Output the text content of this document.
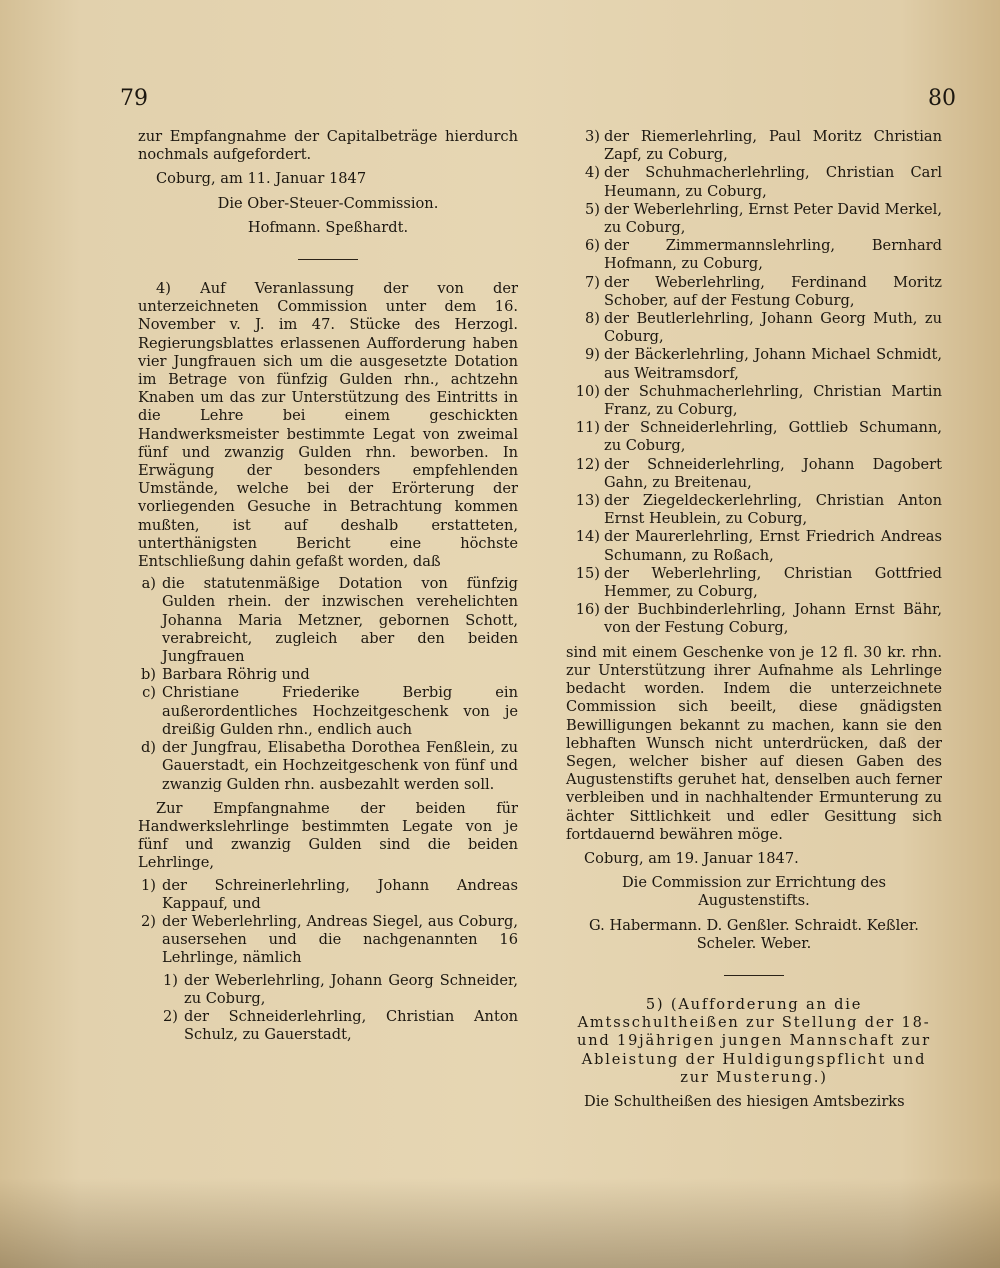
79	80

zur Empfangnahme der Capitalbeträge hierdurch nochmals aufgefordert.

Coburg, am 11. Januar 1847

Die Ober-Steuer-Commission.

Hofmann. Speßhardt.

4) Auf Veranlassung der von der unterzeichneten Commission unter dem 16. November v. J. im 47. Stücke des Herzogl. Regierungsblattes erlassenen Aufforderung haben vier Jungfrauen sich um die ausgesetzte Dotation im Betrage von fünfzig Gulden rhn., achtzehn Knaben um das zur Unterstützung des Eintritts in die Lehre bei einem geschickten Handwerksmeister bestimmte Legat von zweimal fünf und zwanzig Gulden rhn. beworben. In Erwägung der besonders empfehlenden Umstände, welche bei der Erörterung der vorliegenden Gesuche in Betrachtung kommen mußten, ist auf deshalb erstatteten, unterthänigsten Bericht eine höchste Entschließung dahin gefaßt worden, daß

a) die statutenmäßige Dotation von fünfzig Gulden rhein. der inzwischen verehelichten Johanna Maria Metzner, gebornen Schott, verabreicht, zugleich aber den beiden Jungfrauen
b) Barbara Röhrig und
c) Christiane Friederike Berbig ein außerordentliches Hochzeitgeschenk von je dreißig Gulden rhn., endlich auch
d) der Jungfrau, Elisabetha Dorothea Fenßlein, zu Gauerstadt, ein Hochzeitgeschenk von fünf und zwanzig Gulden rhn. ausbezahlt werden soll.

Zur Empfangnahme der beiden für Handwerkslehrlinge bestimmten Legate von je fünf und zwanzig Gulden sind die beiden Lehrlinge,

1) der Schreinerlehrling, Johann Andreas Kappauf, und
2) der Weberlehrling, Andreas Siegel, aus Coburg, ausersehen und die nachgenannten 16 Lehrlinge, nämlich
1) der Weberlehrling, Johann Georg Schneider, zu Coburg,
2) der Schneiderlehrling, Christian Anton Schulz, zu Gauerstadt,
3) der Riemerlehrling, Paul Moritz Christian Zapf, zu Coburg,
4) der Schuhmacherlehrling, Christian Carl Heumann, zu Coburg,
5) der Weberlehrling, Ernst Peter David Merkel, zu Coburg,
6) der Zimmermannslehrling, Bernhard Hofmann, zu Coburg,
7) der Weberlehrling, Ferdinand Moritz Schober, auf der Festung Coburg,
8) der Beutlerlehrling, Johann Georg Muth, zu Coburg,
9) der Bäckerlehrling, Johann Michael Schmidt, aus Weitramsdorf,
10) der Schuhmacherlehrling, Christian Martin Franz, zu Coburg,
11) der Schneiderlehrling, Gottlieb Schumann, zu Coburg,
12) der Schneiderlehrling, Johann Dagobert Gahn, zu Breitenau,
13) der Ziegeldeckerlehrling, Christian Anton Ernst Heublein, zu Coburg,
14) der Maurerlehrling, Ernst Friedrich Andreas Schumann, zu Roßach,
15) der Weberlehrling, Christian Gottfried Hemmer, zu Coburg,
16) der Buchbinderlehrling, Johann Ernst Bähr, von der Festung Coburg,

sind mit einem Geschenke von je 12 fl. 30 kr. rhn. zur Unterstützung ihrer Aufnahme als Lehrlinge bedacht worden. Indem die unterzeichnete Commission sich beeilt, diese gnädigsten Bewilligungen bekannt zu machen, kann sie den lebhaften Wunsch nicht unterdrücken, daß der Segen, welcher bisher auf diesen Gaben des Augustenstifts geruhet hat, denselben auch ferner verbleiben und in nachhaltender Ermunterung zu ächter Sittlichkeit und edler Gesittung sich fortdauernd bewähren möge.

Coburg, am 19. Januar 1847.

Die Commission zur Errichtung des Augustenstifts.

G. Habermann. D. Genßler. Schraidt. Keßler. Scheler. Weber.

5) (Aufforderung an die Amtsschultheißen zur Stellung der 18- und 19jährigen jungen Mannschaft zur Ableistung der Huldigungspflicht und zur Musterung.)

Die Schultheißen des hiesigen Amtsbezirks
